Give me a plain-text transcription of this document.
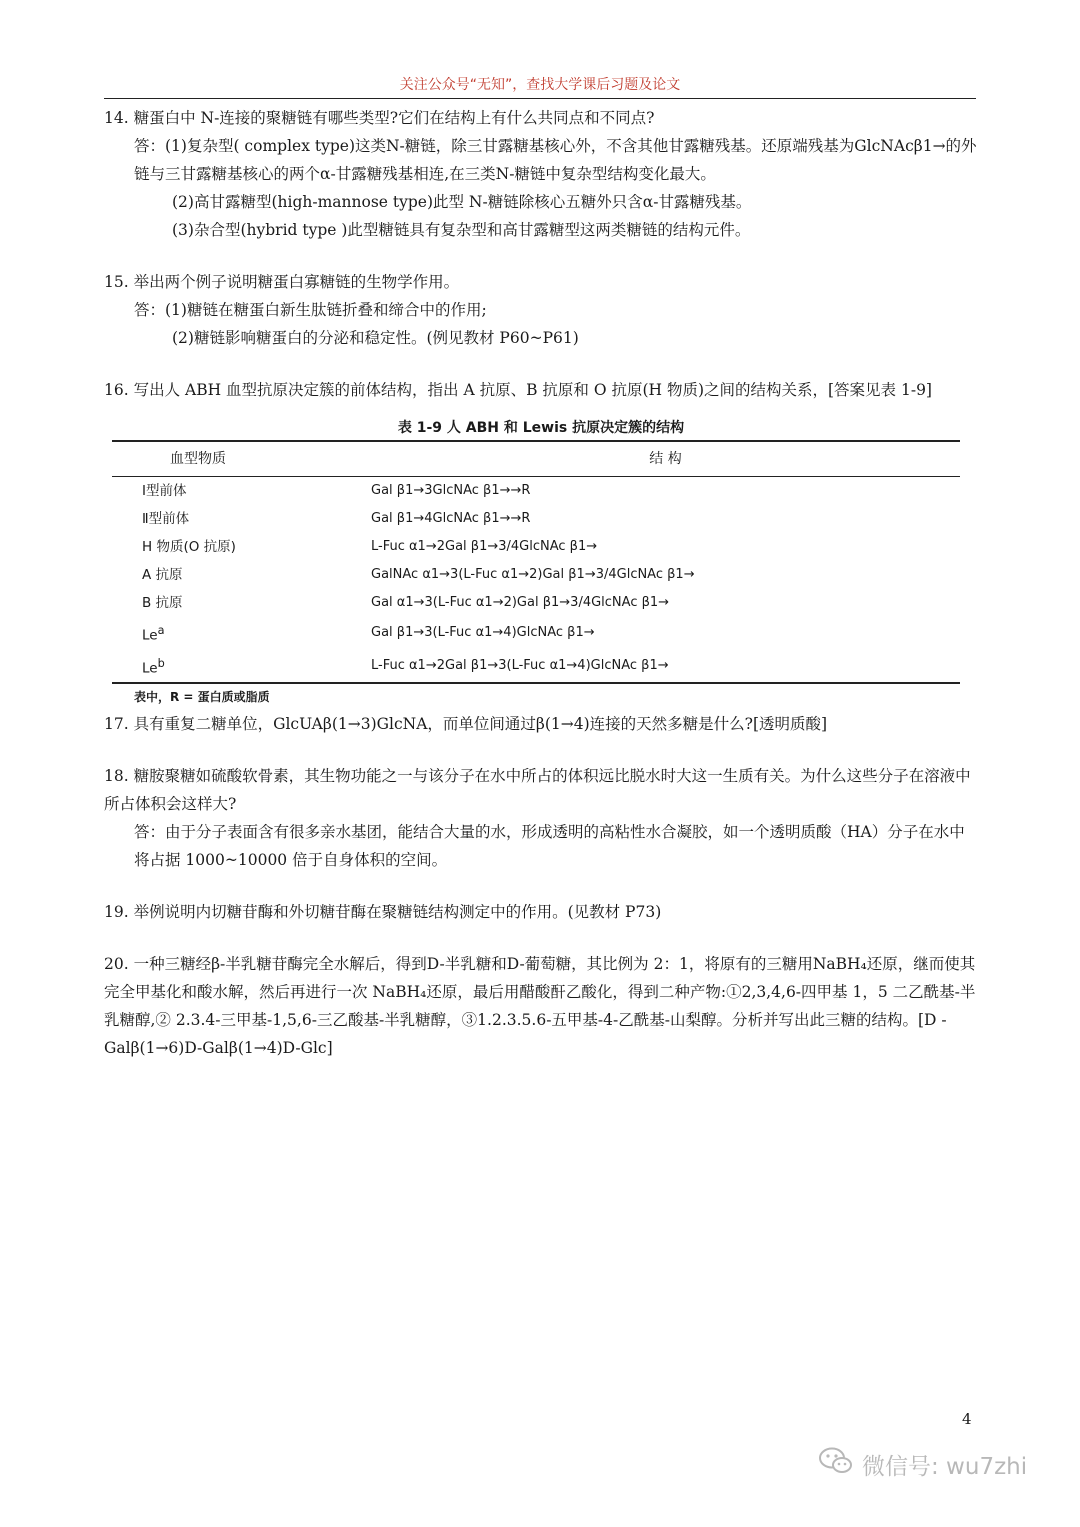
关注公众号“无知”，查找大学课后习题及论文

14. 糖蛋白中 N-连接的聚糖链有哪些类型?它们在结构上有什么共同点和不同点?

答：(1)复杂型( complex type)这类N-糖链，除三甘露糖基核心外，不含其他甘露糖残基。还原端残基为GlcNAcβ1→的外链与三甘露糖基核心的两个α-甘露糖残基相连,在三类N-糖链中复杂型结构变化最大。

(2)高甘露糖型(high-mannose type)此型 N-糖链除核心五糖外只含α-甘露糖残基。

(3)杂合型(hybrid type )此型糖链具有复杂型和高甘露糖型这两类糖链的结构元件。

15. 举出两个例子说明糖蛋白寡糖链的生物学作用。

答：(1)糖链在糖蛋白新生肽链折叠和缔合中的作用;

(2)糖链影响糖蛋白的分泌和稳定性。(例见教材 P60~P61)

16. 写出人 ABH 血型抗原决定簇的前体结构，指出 A 抗原、B 抗原和 O 抗原(H 物质)之间的结构关系，[答案见表 1-9]

表 1-9 人 ABH 和 Lewis 抗原决定簇的结构
血型物质	结 构
Ⅰ型前体	Gal β1→3GlcNAc β1→→R
Ⅱ型前体	Gal β1→4GlcNAc β1→→R
H 物质(O 抗原)	L-Fuc α1→2Gal β1→3/4GlcNAc β1→
A 抗原	GalNAc α1→3(L-Fuc α1→2)Gal β1→3/4GlcNAc β1→
B 抗原	Gal α1→3(L-Fuc α1→2)Gal β1→3/4GlcNAc β1→
$Le^a$	Gal β1→3(L-Fuc α1→4)GlcNAc β1→
$Le^b$	L-Fuc α1→2Gal β1→3(L-Fuc α1→4)GlcNAc β1→
表中，R = 蛋白质或脂质

17. 具有重复二糖单位，GlcUAβ(1→3)GlcNA，而单位间通过β(1→4)连接的天然多糖是什么?[透明质酸]

18. 糖胺聚糖如硫酸软骨素，其生物功能之一与该分子在水中所占的体积远比脱水时大这一生质有关。为什么这些分子在溶液中所占体积会这样大?

答：由于分子表面含有很多亲水基团，能结合大量的水，形成透明的高粘性水合凝胶，如一个透明质酸（HA）分子在水中将占据 1000~10000 倍于自身体积的空间。

19. 举例说明内切糖苷酶和外切糖苷酶在聚糖链结构测定中的作用。(见教材 P73)

20. 一种三糖经β-半乳糖苷酶完全水解后，得到D-半乳糖和D-葡萄糖，其比例为 2：1，将原有的三糖用NaBH₄还原，继而使其完全甲基化和酸水解，然后再进行一次 NaBH₄还原，最后用醋酸酐乙酸化，得到二种产物:①2,3,4,6-四甲基 1，5 二乙酰基-半乳糖醇,② 2.3.4-三甲基-1,5,6-三乙酸基-半乳糖醇，③1.2.3.5.6-五甲基-4-乙酰基-山梨醇。分析并写出此三糖的结构。[D -Galβ(1→6)D-Galβ(1→4)D-Glc]

4
微信号: wu7zhi
